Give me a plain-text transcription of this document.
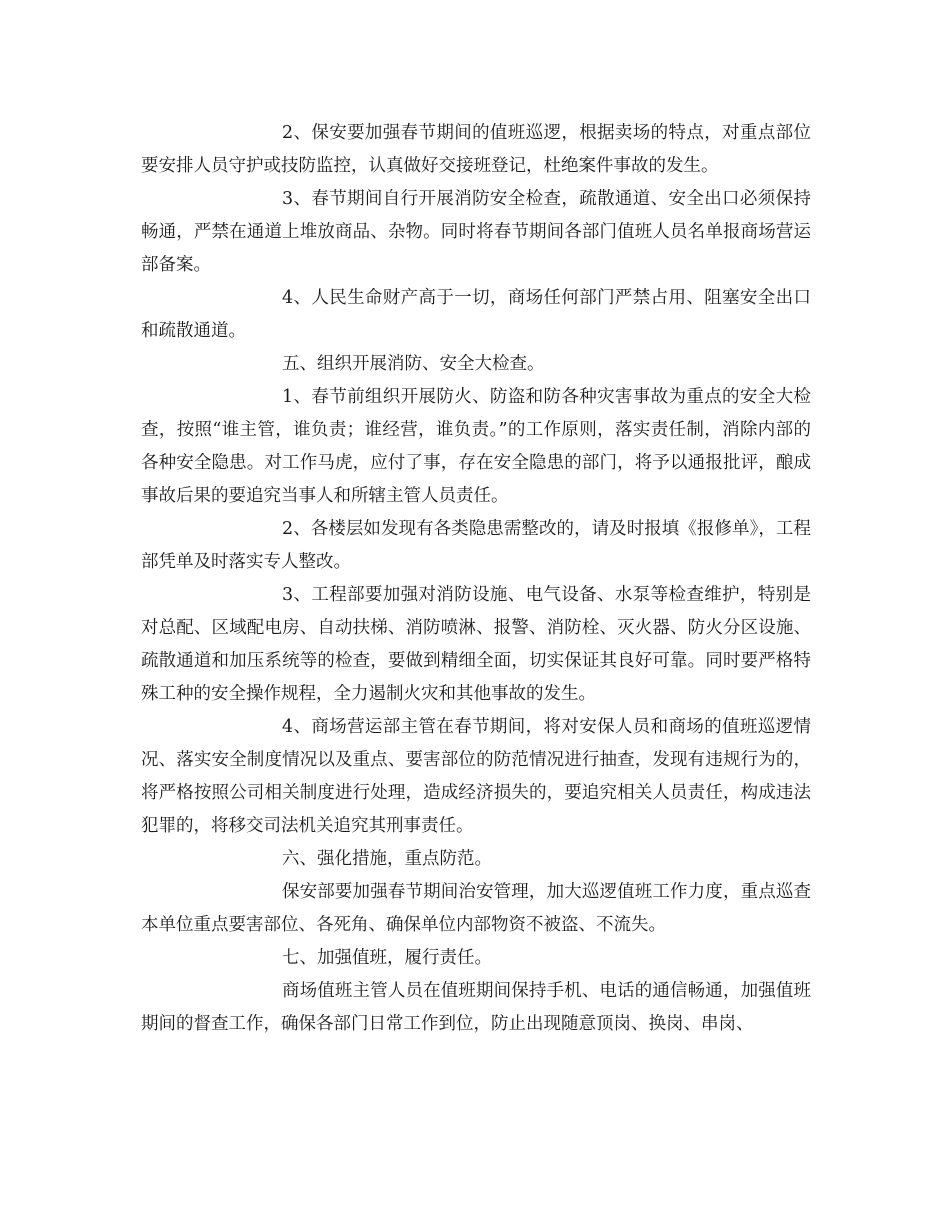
2、保安要加强春节期间的值班巡逻，根据卖场的特点，对重点部位要安排人员守护或技防监控，认真做好交接班登记，杜绝案件事故的发生。

3、春节期间自行开展消防安全检查，疏散通道、安全出口必须保持畅通，严禁在通道上堆放商品、杂物。同时将春节期间各部门值班人员名单报商场营运部备案。

4、人民生命财产高于一切，商场任何部门严禁占用、阻塞安全出口和疏散通道。

五、组织开展消防、安全大检查。

1、春节前组织开展防火、防盗和防各种灾害事故为重点的安全大检查，按照“谁主管，谁负责；谁经营，谁负责。”的工作原则，落实责任制，消除内部的各种安全隐患。对工作马虎，应付了事，存在安全隐患的部门，将予以通报批评，酿成事故后果的要追究当事人和所辖主管人员责任。

2、各楼层如发现有各类隐患需整改的，请及时报填《报修单》，工程部凭单及时落实专人整改。

3、工程部要加强对消防设施、电气设备、水泵等检查维护，特别是对总配、区域配电房、自动扶梯、消防喷淋、报警、消防栓、灭火器、防火分区设施、疏散通道和加压系统等的检查，要做到精细全面，切实保证其良好可靠。同时要严格特殊工种的安全操作规程，全力遏制火灾和其他事故的发生。

4、商场营运部主管在春节期间，将对安保人员和商场的值班巡逻情况、落实安全制度情况以及重点、要害部位的防范情况进行抽查，发现有违规行为的，将严格按照公司相关制度进行处理，造成经济损失的，要追究相关人员责任，构成违法犯罪的，将移交司法机关追究其刑事责任。

六、强化措施，重点防范。

保安部要加强春节期间治安管理，加大巡逻值班工作力度，重点巡查本单位重点要害部位、各死角、确保单位内部物资不被盗、不流失。

七、加强值班，履行责任。

商场值班主管人员在值班期间保持手机、电话的通信畅通，加强值班期间的督查工作，确保各部门日常工作到位，防止出现随意顶岗、换岗、串岗、
